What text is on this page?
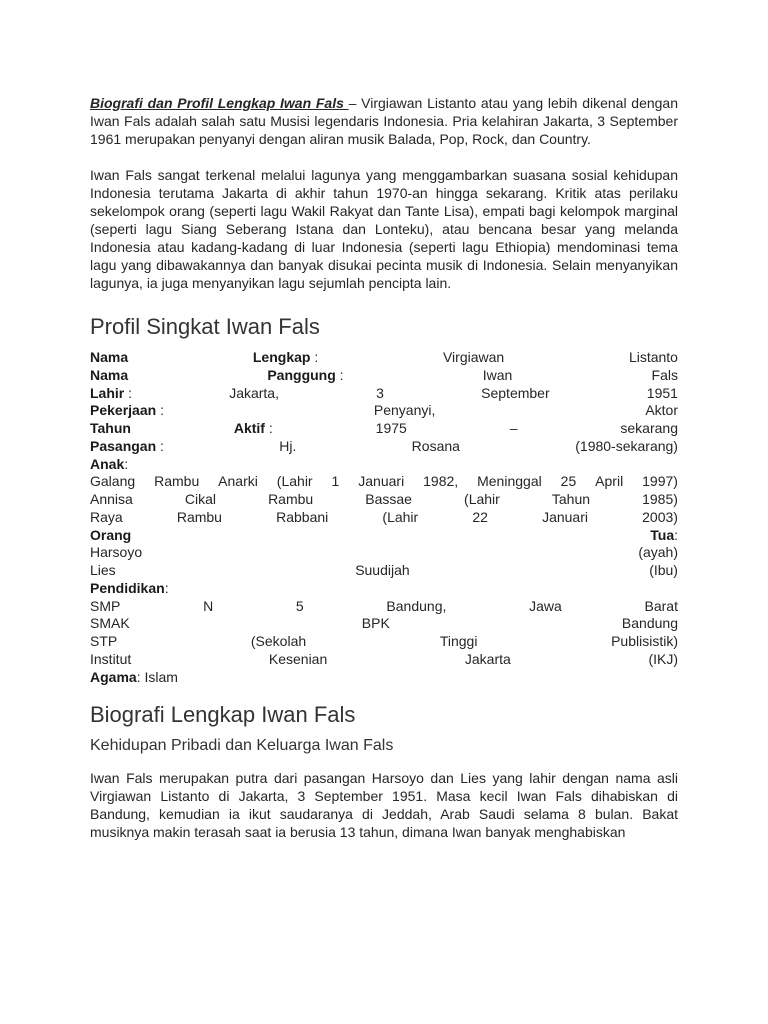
Biografi dan Profil Lengkap Iwan Fals – Virgiawan Listanto atau yang lebih dikenal dengan Iwan Fals adalah salah satu Musisi legendaris Indonesia. Pria kelahiran Jakarta, 3 September 1961 merupakan penyanyi dengan aliran musik Balada, Pop, Rock, dan Country.

Iwan Fals sangat terkenal melalui lagunya yang menggambarkan suasana sosial kehidupan Indonesia terutama Jakarta di akhir tahun 1970-an hingga sekarang. Kritik atas perilaku sekelompok orang (seperti lagu Wakil Rakyat dan Tante Lisa), empati bagi kelompok marginal (seperti lagu Siang Seberang Istana dan Lonteku), atau bencana besar yang melanda Indonesia atau kadang-kadang di luar Indonesia (seperti lagu Ethiopia) mendominasi tema lagu yang dibawakannya dan banyak disukai pecinta musik di Indonesia. Selain menyanyikan lagunya, ia juga menyanyikan lagu sejumlah pencipta lain.

Profil Singkat Iwan Fals
Nama	Lengkap :	Virgiawan	Listanto
Nama	Panggung :	Iwan	Fals
Lahir :	Jakarta,	3	September	1951
Pekerjaan :	Penyanyi,	Aktor
Tahun	Aktif :	1975	–	sekarang
Pasangan :	Hj.	Rosana	(1980-sekarang)
Anak :
Galang Rambu Anarki (Lahir 1 Januari 1982, Meninggal 25 April 1997)
Annisa	Cikal	Rambu	Bassae	(Lahir	Tahun	1985)
Raya	Rambu	Rabbani	(Lahir	22	Januari	2003)
Orang	Tua:
Harsoyo	(ayah)
Lies	Suudijah	(Ibu)
Pendidikan :
SMP	N	5	Bandung,	Jawa	Barat
SMAK	BPK	Bandung
STP	(Sekolah	Tinggi	Publisistik)
Institut	Kesenian	Jakarta	(IKJ)
Agama : Islam
Biografi Lengkap Iwan Fals
Kehidupan Pribadi dan Keluarga Iwan Fals

Iwan Fals merupakan putra dari pasangan Harsoyo dan Lies yang lahir dengan nama asli Virgiawan Listanto di Jakarta, 3 September 1951. Masa kecil Iwan Fals dihabiskan di Bandung, kemudian ia ikut saudaranya di Jeddah, Arab Saudi selama 8 bulan. Bakat musiknya makin terasah saat ia berusia 13 tahun, dimana Iwan banyak menghabiskan
